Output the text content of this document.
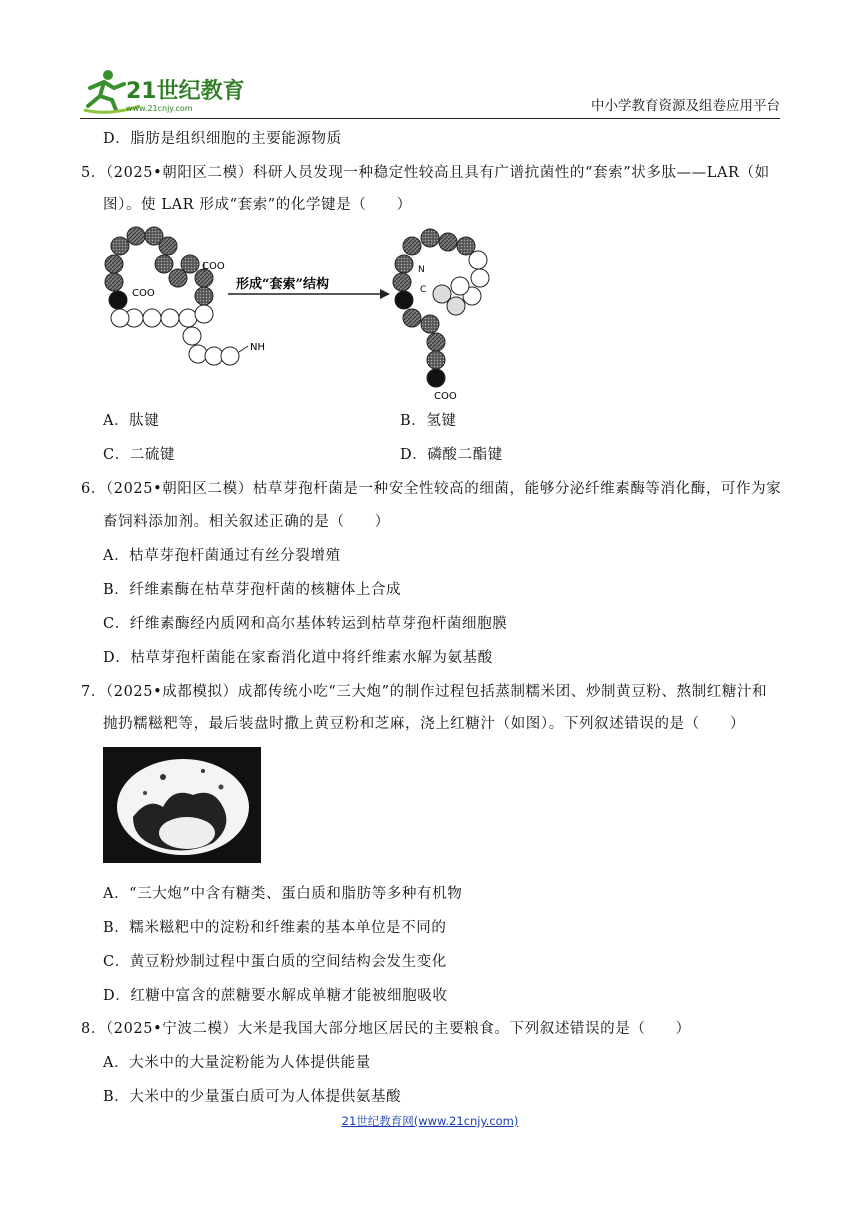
21世纪教育
www.21cnjy.com	中小学教育资源及组卷应用平台
D．脂肪是组织细胞的主要能源物质
5．（2025•朝阳区二模）科研人员发现一种稳定性较高且具有广谱抗菌性的“套索”状多肽——LAR（如
图）。使 LAR 形成“套索”的化学键是（　　）
COO
COO
NH
形成“套索”结构
N
C
COO
A．肽键	B．氢键
C．二硫键	D．磷酸二酯键
6．（2025•朝阳区二模）枯草芽孢杆菌是一种安全性较高的细菌，能够分泌纤维素酶等消化酶，可作为家
畜饲料添加剂。相关叙述正确的是（　　）
A．枯草芽孢杆菌通过有丝分裂增殖
B．纤维素酶在枯草芽孢杆菌的核糖体上合成
C．纤维素酶经内质网和高尔基体转运到枯草芽孢杆菌细胞膜
D．枯草芽孢杆菌能在家畜消化道中将纤维素水解为氨基酸
7．（2025•成都模拟）成都传统小吃“三大炮”的制作过程包括蒸制糯米团、炒制黄豆粉、熬制红糖汁和
抛扔糯糍粑等，最后装盘时撒上黄豆粉和芝麻，浇上红糖汁（如图）。下列叙述错误的是（　　）
A．“三大炮”中含有糖类、蛋白质和脂肪等多种有机物
B．糯米糍粑中的淀粉和纤维素的基本单位是不同的
C．黄豆粉炒制过程中蛋白质的空间结构会发生变化
D．红糖中富含的蔗糖要水解成单糖才能被细胞吸收
8．（2025•宁波二模）大米是我国大部分地区居民的主要粮食。下列叙述错误的是（　　）
A．大米中的大量淀粉能为人体提供能量
B．大米中的少量蛋白质可为人体提供氨基酸
21世纪教育网(www.21cnjy.com)
